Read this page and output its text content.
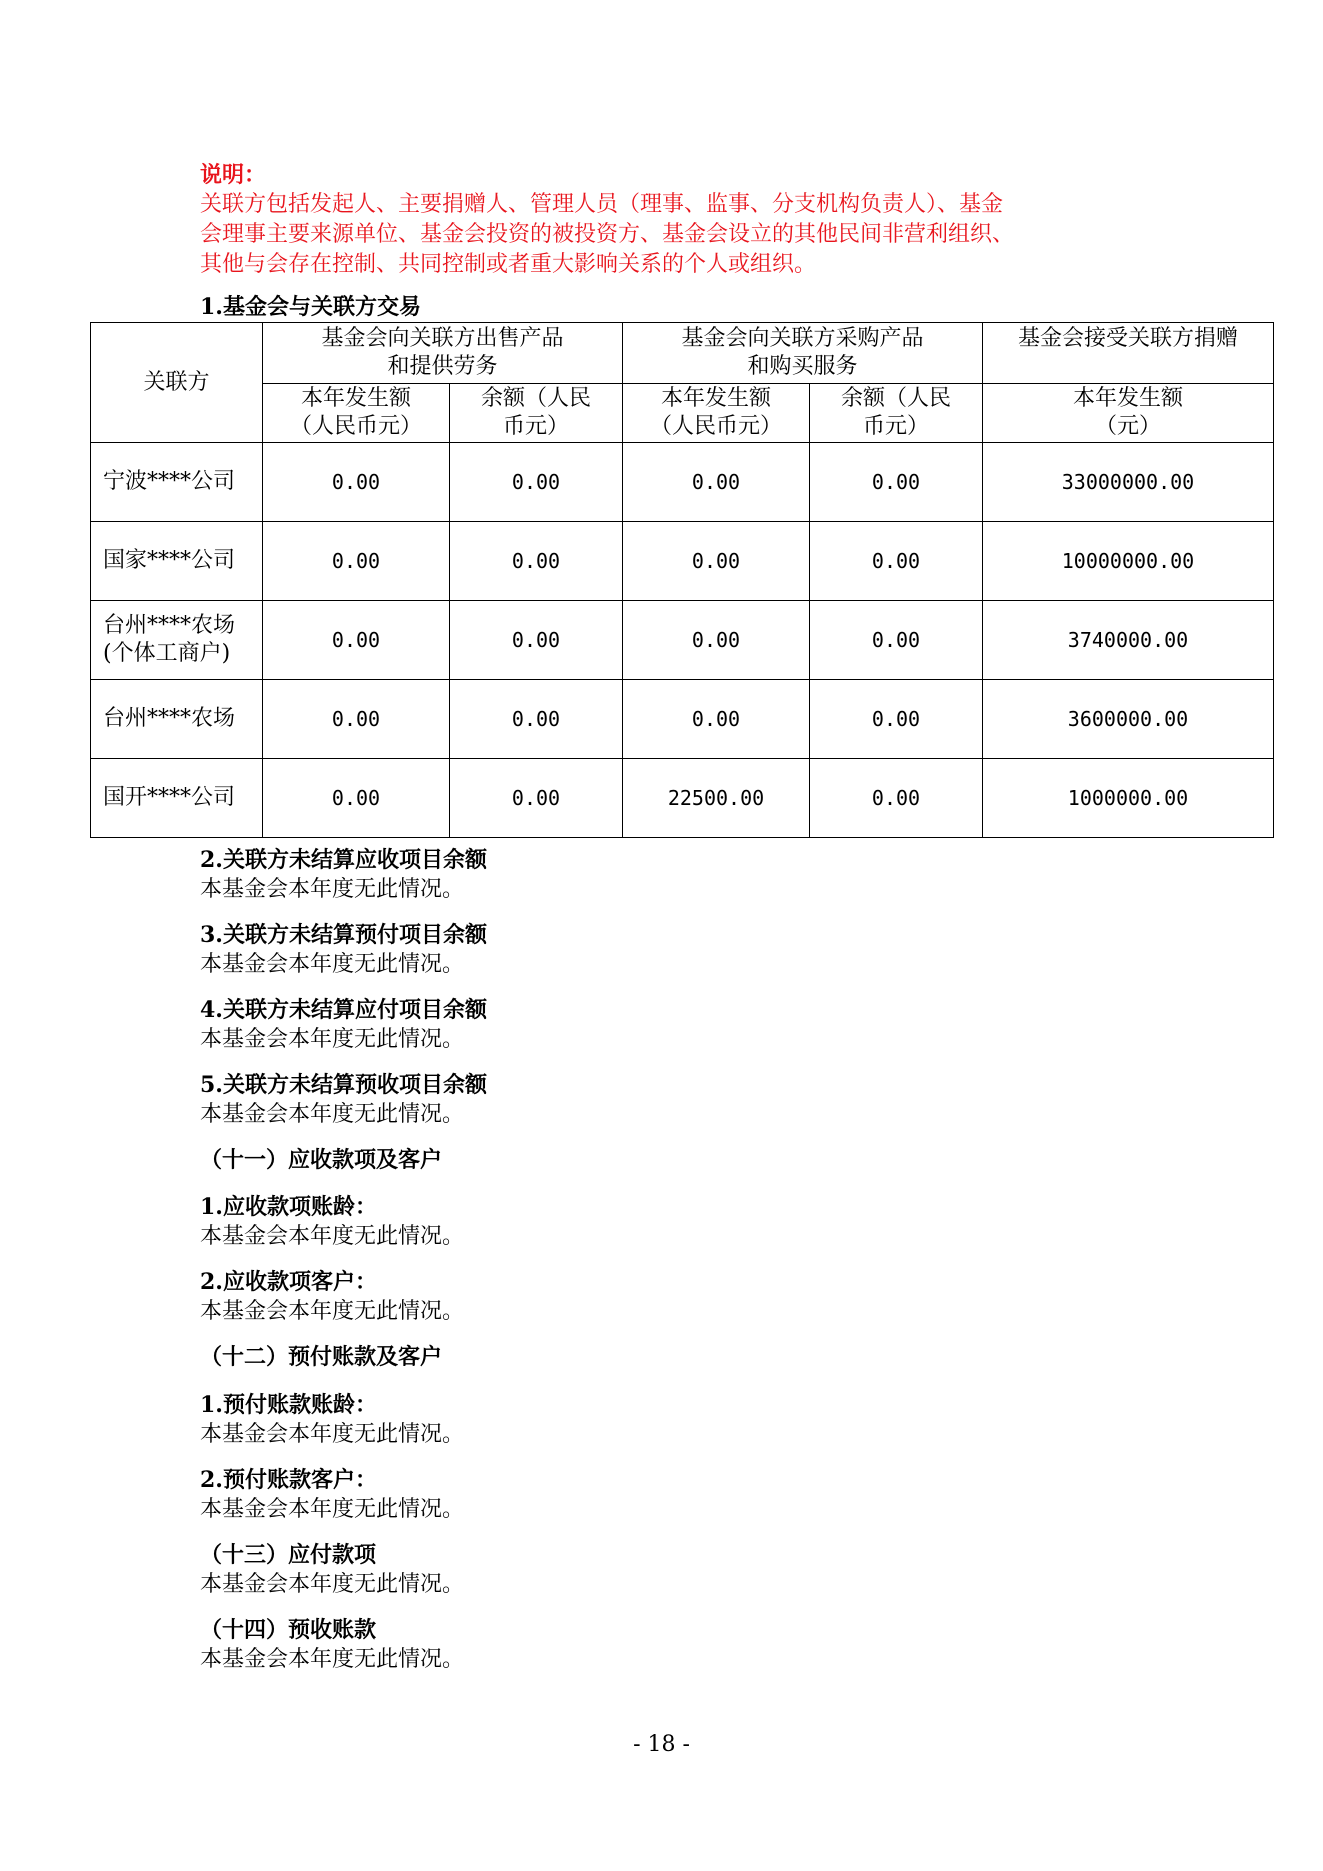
说明：
关联方包括发起人、主要捐赠人、管理人员（理事、监事、分支机构负责人）、基金
会理事主要来源单位、基金会投资的被投资方、基金会设立的其他民间非营利组织、
其他与会存在控制、共同控制或者重大影响关系的个人或组织。
1.基金会与关联方交易
关联方	基金会向关联方出售产品和提供劳务		基金会向关联方采购产品和购买服务		基金会接受关联方捐赠
	本年发生额（人民币元）	余额（人民币元）	本年发生额（人民币元）	余额（人民币元）	本年发生额（元）
宁波****公司	0.00	0.00	0.00	0.00	33000000.00
国家****公司	0.00	0.00	0.00	0.00	10000000.00
台州****农场(个体工商户)	0.00	0.00	0.00	0.00	3740000.00
台州****农场	0.00	0.00	0.00	0.00	3600000.00
国开****公司	0.00	0.00	22500.00	0.00	1000000.00
2.关联方未结算应收项目余额
本基金会本年度无此情况。
3.关联方未结算预付项目余额
本基金会本年度无此情况。
4.关联方未结算应付项目余额
本基金会本年度无此情况。
5.关联方未结算预收项目余额
本基金会本年度无此情况。
（十一）应收款项及客户
1.应收款项账龄：
本基金会本年度无此情况。
2.应收款项客户：
本基金会本年度无此情况。
（十二）预付账款及客户
1.预付账款账龄：
本基金会本年度无此情况。
2.预付账款客户：
本基金会本年度无此情况。
（十三）应付款项
本基金会本年度无此情况。
（十四）预收账款
本基金会本年度无此情况。
- 18 -
